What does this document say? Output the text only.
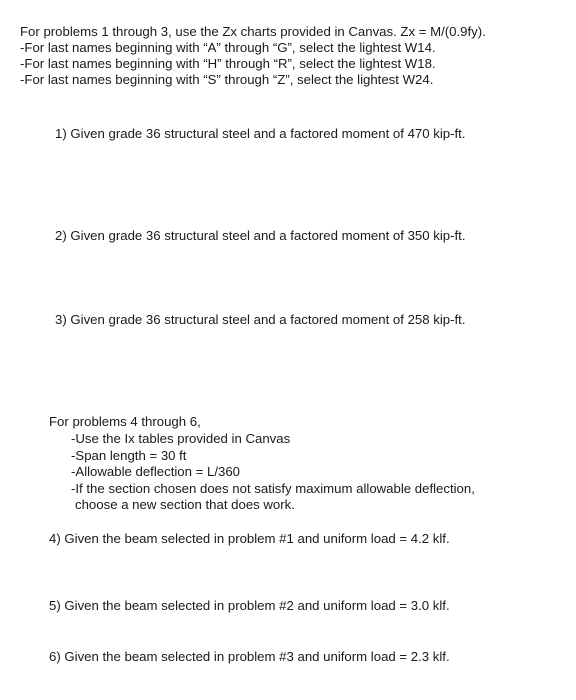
For problems 1 through 3, use the Zx charts provided in Canvas. Zx = M/(0.9fy).
-For last names beginning with “A” through “G”, select the lightest W14.
-For last names beginning with “H” through “R”, select the lightest W18.
-For last names beginning with “S” through “Z”, select the lightest W24.
1) Given grade 36 structural steel and a factored moment of 470 kip-ft.
2) Given grade 36 structural steel and a factored moment of 350 kip-ft.
3) Given grade 36 structural steel and a factored moment of 258 kip-ft.
For problems 4 through 6,
-Use the Ix tables provided in Canvas
-Span length = 30 ft
-Allowable deflection = L/360
-If the section chosen does not satisfy maximum allowable deflection,
choose a new section that does work.
4) Given the beam selected in problem #1 and uniform load = 4.2 klf.
5) Given the beam selected in problem #2 and uniform load = 3.0 klf.
6) Given the beam selected in problem #3 and uniform load = 2.3 klf.
